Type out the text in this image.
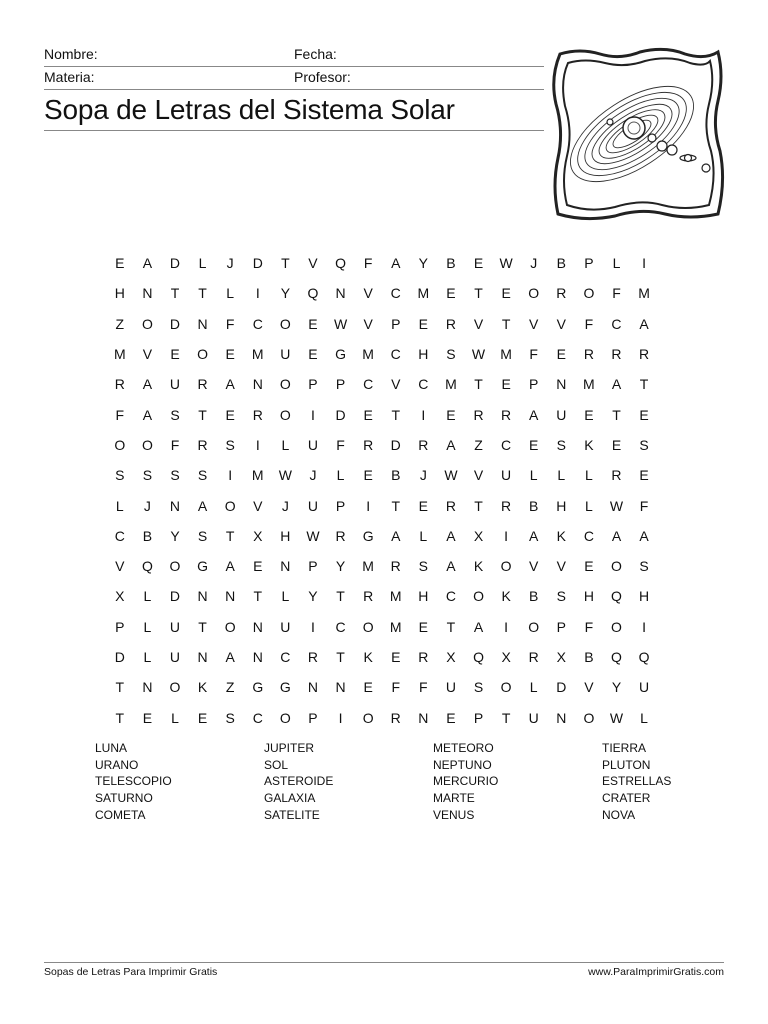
Nombre:	Fecha:
Materia:	Profesor:
Sopa de Letras del Sistema Solar
E	A	D	L	J	D	T	V	Q	F	A	Y	B	E	W	J	B	P	L	I
H	N	T	T	L	I	Y	Q	N	V	C	M	E	T	E	O	R	O	F	M
Z	O	D	N	F	C	O	E	W	V	P	E	R	V	T	V	V	F	C	A
M	V	E	O	E	M	U	E	G	M	C	H	S	W	M	F	E	R	R	R
R	A	U	R	A	N	O	P	P	C	V	C	M	T	E	P	N	M	A	T
F	A	S	T	E	R	O	I	D	E	T	I	E	R	R	A	U	E	T	E
O	O	F	R	S	I	L	U	F	R	D	R	A	Z	C	E	S	K	E	S
S	S	S	S	I	M	W	J	L	E	B	J	W	V	U	L	L	L	R	E
L	J	N	A	O	V	J	U	P	I	T	E	R	T	R	B	H	L	W	F
C	B	Y	S	T	X	H	W	R	G	A	L	A	X	I	A	K	C	A	A
V	Q	O	G	A	E	N	P	Y	M	R	S	A	K	O	V	V	E	O	S
X	L	D	N	N	T	L	Y	T	R	M	H	C	O	K	B	S	H	Q	H
P	L	U	T	O	N	U	I	C	O	M	E	T	A	I	O	P	F	O	I
D	L	U	N	A	N	C	R	T	K	E	R	X	Q	X	R	X	B	Q	Q
T	N	O	K	Z	G	G	N	N	E	F	F	U	S	O	L	D	V	Y	U
T	E	L	E	S	C	O	P	I	O	R	N	E	P	T	U	N	O	W	L
LUNA
URANO
TELESCOPIO
SATURNO
COMETA
JUPITER
SOL
ASTEROIDE
GALAXIA
SATELITE
METEORO
NEPTUNO
MERCURIO
MARTE
VENUS
TIERRA
PLUTON
ESTRELLAS
CRATER
NOVA
Sopas de Letras Para Imprimir Gratis	www.ParaImprimirGratis.com
